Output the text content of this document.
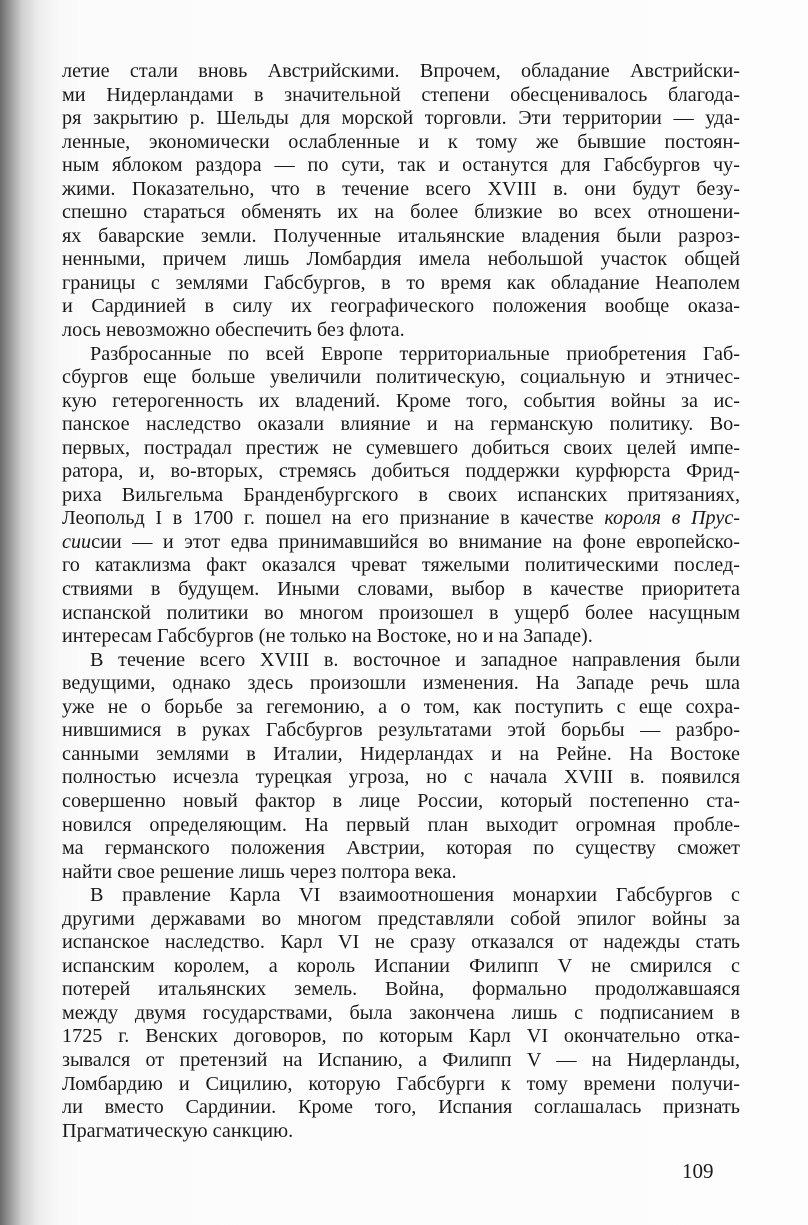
летие стали вновь Австрийскими. Впрочем, обладание Австрийски-
ми Нидерландами в значительной степени обесценивалось благода-
ря закрытию р. Шельды для морской торговли. Эти территории — уда-
ленные, экономически ослабленные и к тому же бывшие постоян-
ным яблоком раздора — по сути, так и останутся для Габсбургов чу-
жими. Показательно, что в течение всего XVIII в. они будут безу-
спешно стараться обменять их на более близкие во всех отношени-
ях баварские земли. Полученные итальянские владения были разроз-
ненными, причем лишь Ломбардия имела небольшой участок общей
границы с землями Габсбургов, в то время как обладание Неаполем
и Сардинией в силу их географического положения вообще оказа-
лось невозможно обеспечить без флота.

Разбросанные по всей Европе территориальные приобретения Габ-
сбургов еще больше увеличили политическую, социальную и этничес-
кую гетерогенность их владений. Кроме того, события войны за ис-
панское наследство оказали влияние и на германскую политику. Во-
первых, пострадал престиж не сумевшего добиться своих целей импе-
ратора, и, во-вторых, стремясь добиться поддержки курфюрста Фрид-
риха Вильгельма Бранденбургского в своих испанских притязаниях,
Леопольд I в 1700 г. пошел на его признание в качестве короля в Прус-
сиисии — и этот едва принимавшийся во внимание на фоне европейско-
го катаклизма факт оказался чреват тяжелыми политическими послед-
ствиями в будущем. Иными словами, выбор в качестве приоритета
испанской политики во многом произошел в ущерб более насущным
интересам Габсбургов (не только на Востоке, но и на Западе).

В течение всего XVIII в. восточное и западное направления были
ведущими, однако здесь произошли изменения. На Западе речь шла
уже не о борьбе за гегемонию, а о том, как поступить с еще сохра-
нившимися в руках Габсбургов результатами этой борьбы — разбро-
санными землями в Италии, Нидерландах и на Рейне. На Востоке
полностью исчезла турецкая угроза, но с начала XVIII в. появился
совершенно новый фактор в лице России, который постепенно ста-
новился определяющим. На первый план выходит огромная пробле-
ма германского положения Австрии, которая по существу сможет
найти свое решение лишь через полтора века.

В правление Карла VI взаимоотношения монархии Габсбургов с
другими державами во многом представляли собой эпилог войны за
испанское наследство. Карл VI не сразу отказался от надежды стать
испанским королем, а король Испании Филипп V не смирился с
потерей итальянских земель. Война, формально продолжавшаяся
между двумя государствами, была закончена лишь с подписанием в
1725 г. Венских договоров, по которым Карл VI окончательно отка-
зывался от претензий на Испанию, а Филипп V — на Нидерланды,
Ломбардию и Сицилию, которую Габсбурги к тому времени получи-
ли вместо Сардинии. Кроме того, Испания соглашалась признать
Прагматическую санкцию.

109
